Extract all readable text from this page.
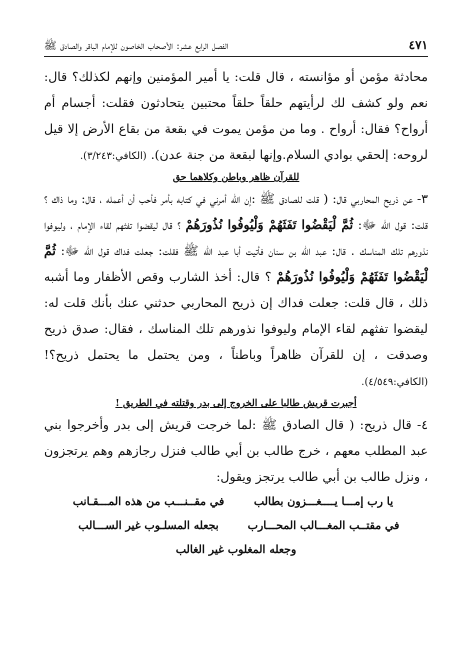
٤٧١
الفصل الرابع عشر: الأصحاب الخاصون للإمام الباقر والصادق ﷺ

محادثة مؤمن أو مؤانسته ، قال قلت: يا أمير المؤمنين وإنهم لكذلك؟ قال: نعم ولو كشف لك لرأيتهم حلقاً حلقاً محتبين يتحادثون فقلت: أجسام أم أرواح؟ فقال: أرواح . وما من مؤمن يموت في بقعة من بقاع الأرض إلا قيل لروحه: إلحقي بوادي السلام.وإنها لبقعة من جنة عدن). (الكافي:٣/٢٤٣).

للقرآن ظاهر وباطن وكلاهما حق

٣- عن ذريح المحاربي قال: ( قلت للصادق ﷺ :إن الله أمرني في كتابه بأمر فأحب أن أعمله ، قال: وما ذاك ؟ قلت: قول الله ﷻ: ثُمَّ لْيَقْضُوا تَفَثَهُمْ وَلْيُوفُوا نُذُورَهُمْ ؟ قال ليقضوا تفثهم لقاء الإمام ، وليوفوا نذورهم تلك المناسك . قال: عبد الله بن سنان فأتيت أبا عبد الله ﷺ فقلت: جعلت فداك قول الله ﷻ: ثُمَّ لْيَقْضُوا تَفَثَهُمْ وَلْيُوفُوا نُذُورَهُمْ ؟ قال: أخذ الشارب وقص الأظفار وما أشبه ذلك ، قال قلت: جعلت فداك إن ذريح المحاربي حدثني عنك بأنك قلت له: ليقضوا تفثهم لقاء الإمام وليوفوا نذورهم تلك المناسك ، فقال: صدق ذريح وصدقت ، إن للقرآن ظاهراً وباطناً ، ومن يحتمل ما يحتمل ذريح؟! (الكافي:٤/٥٤٩).

أجبرت قريش طالبا على الخروج إلى بدر وقتلته في الطريق !

٤- قال ذريح: ( قال الصادق ﷺ :لما خرجت قريش إلى بدر وأخرجوا بني عبد المطلب معهم ، خرج طالب بن أبي طالب فنزل رجازهم وهم يرتجزون ، ونزل طالب بن أبي طالب يرتجز ويقول:

يا رب إمـــا يــــغـــزون بطالب
في مقــنـــب من هذه المـــقـانب
في مقتــب المغـــالب المحـــارب
بجعله المسلـوب غير الســـالب
وجعله المغلوب غير الغالب
